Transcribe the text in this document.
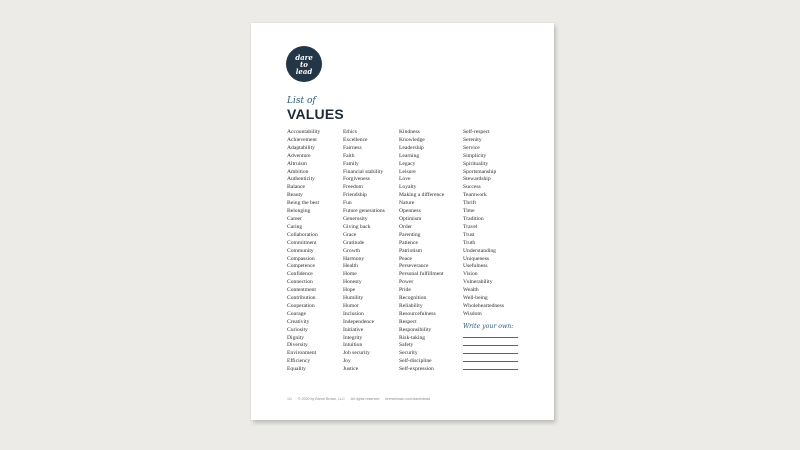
dare
to
lead
List of
VALUES
Accountability
Achievement
Adaptability
Adventure
Altruism
Ambition
Authenticity
Balance
Beauty
Being the best
Belonging
Career
Caring
Collaboration
Commitment
Community
Compassion
Competence
Confidence
Connection
Contentment
Contribution
Cooperation
Courage
Creativity
Curiosity
Dignity
Diversity
Environment
Efficiency
Equality
Ethics
Excellence
Fairness
Faith
Family
Financial stability
Forgiveness
Freedom
Friendship
Fun
Future generations
Generosity
Giving back
Grace
Gratitude
Growth
Harmony
Health
Home
Honesty
Hope
Humility
Humor
Inclusion
Independence
Initiative
Integrity
Intuition
Job security
Joy
Justice
Kindness
Knowledge
Leadership
Learning
Legacy
Leisure
Love
Loyalty
Making a difference
Nature
Openness
Optimism
Order
Parenting
Patience
Patriotism
Peace
Perseverance
Personal fulfillment
Power
Pride
Recognition
Reliability
Resourcefulness
Respect
Responsibility
Risk-taking
Safety
Security
Self-discipline
Self-expression
Self-respect
Serenity
Service
Simplicity
Spirituality
Sportsmanship
Stewardship
Success
Teamwork
Thrift
Time
Tradition
Travel
Trust
Truth
Understanding
Uniqueness
Usefulness
Vision
Vulnerability
Wealth
Well-being
Wholeheartedness
Wisdom
Write your own:
1/1 © 2020 by Brené Brown, LLC All rights reserved brenebrown.com/daretolead
